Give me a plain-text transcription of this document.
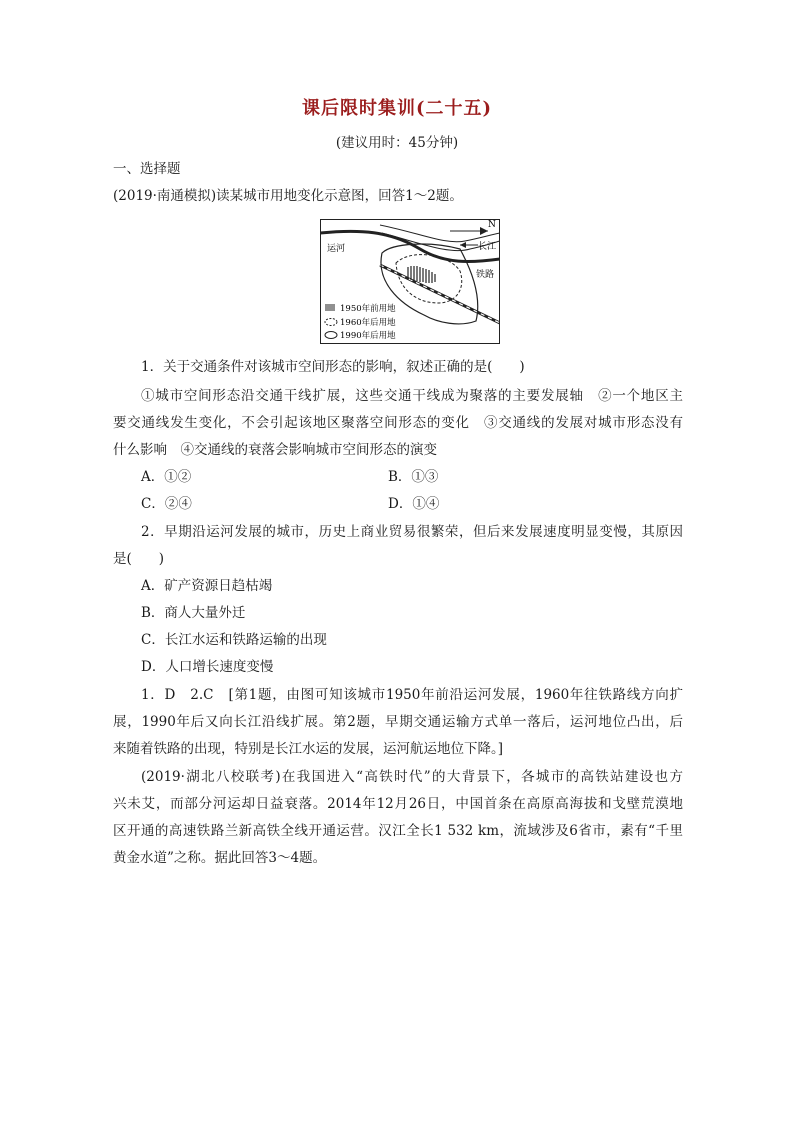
课后限时集训(二十五)
(建议用时：45分钟)
一、选择题
(2019·南通模拟)读某城市用地变化示意图，回答1～2题。
N
长江
运河
铁路
1950年前用地
1960年后用地
1990年后用地
1．关于交通条件对该城市空间形态的影响，叙述正确的是(　　)
①城市空间形态沿交通干线扩展，这些交通干线成为聚落的主要发展轴　②一个地区主
要交通线发生变化，不会引起该地区聚落空间形态的变化　③交通线的发展对城市形态没有
什么影响　④交通线的衰落会影响城市空间形态的演变
A．①②	B．①③
C．②④	D．①④
2．早期沿运河发展的城市，历史上商业贸易很繁荣，但后来发展速度明显变慢，其原因
是(　　)
A．矿产资源日趋枯竭
B．商人大量外迁
C．长江水运和铁路运输的出现
D．人口增长速度变慢
1．D　2.C　[第1题，由图可知该城市1950年前沿运河发展，1960年往铁路线方向扩
展，1990年后又向长江沿线扩展。第2题，早期交通运输方式单一落后，运河地位凸出，后
来随着铁路的出现，特别是长江水运的发展，运河航运地位下降。]
(2019·湖北八校联考)在我国进入“高铁时代”的大背景下，各城市的高铁站建设也方
兴未艾，而部分河运却日益衰落。2014年12月26日，中国首条在高原高海拔和戈壁荒漠地
区开通的高速铁路兰新高铁全线开通运营。汉江全长1 532 km，流域涉及6省市，素有“千里
黄金水道”之称。据此回答3～4题。
